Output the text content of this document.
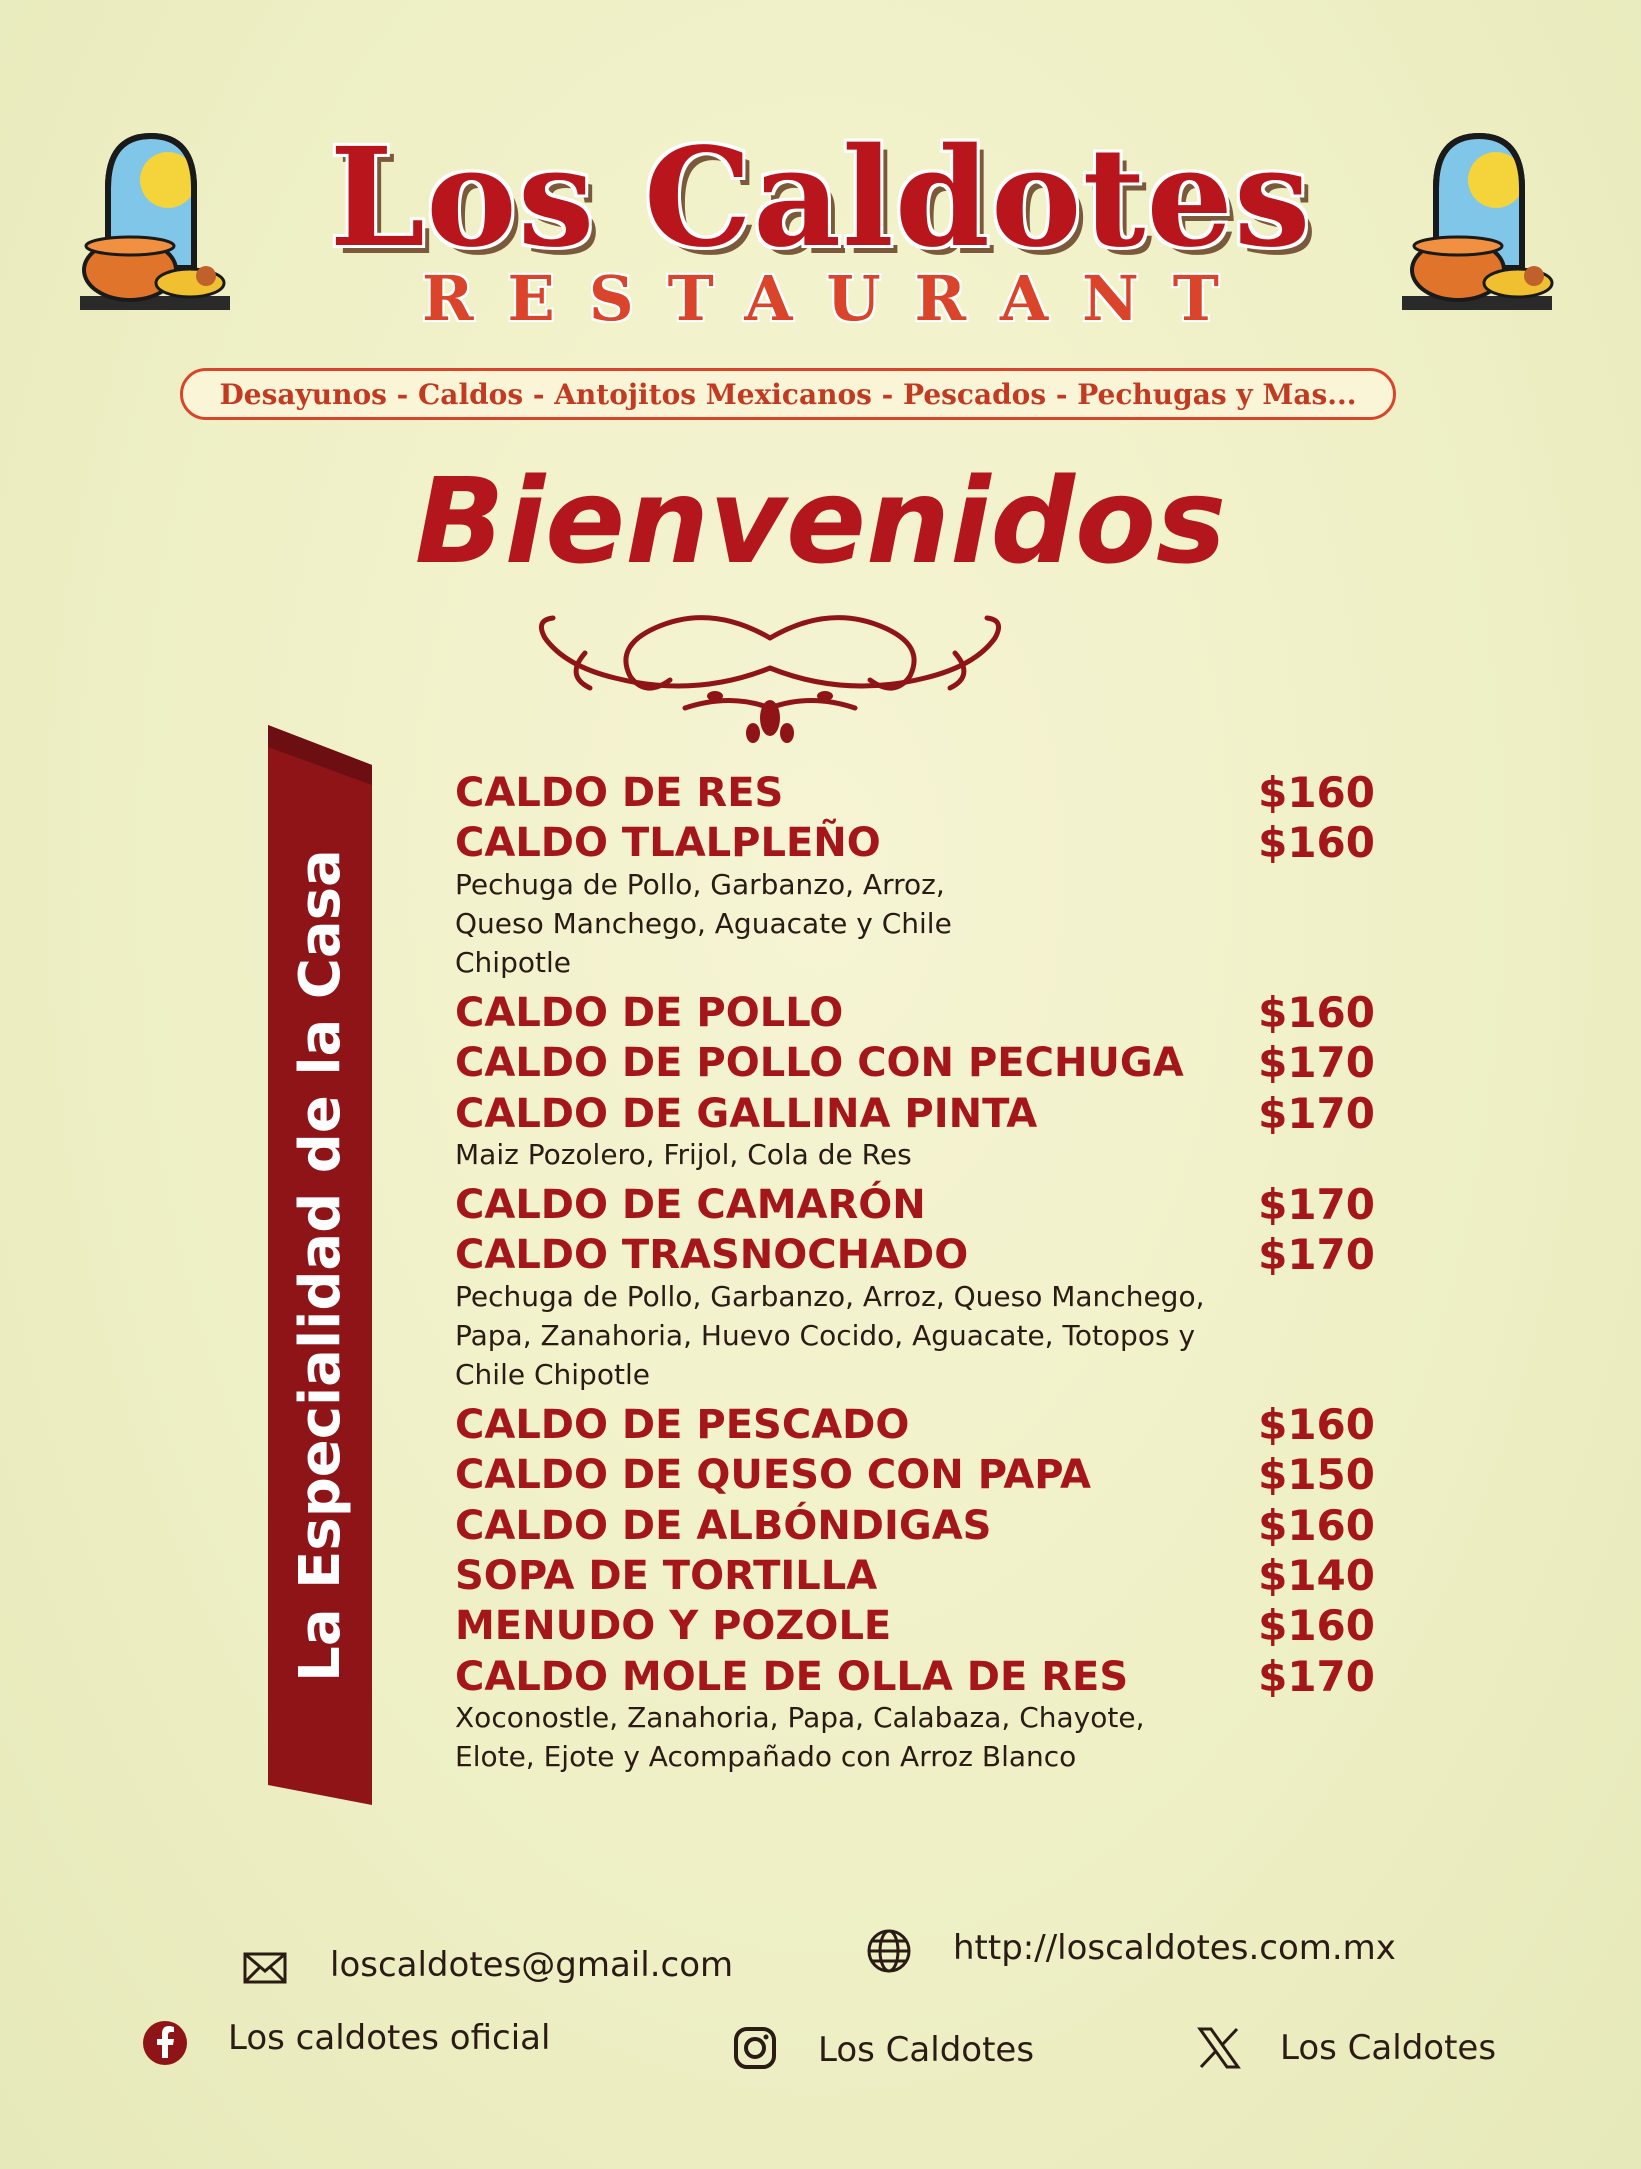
Los Caldotes
RESTAURANT
Desayunos - Caldos - Antojitos Mexicanos - Pescados - Pechugas y Mas...
Bienvenidos
La Especialidad de la Casa
CALDO DE RES	$160
CALDO TLALPLEÑO	$160
Pechuga de Pollo, Garbanzo, Arroz, Queso Manchego, Aguacate y Chile Chipotle
CALDO DE POLLO	$160
CALDO DE POLLO CON PECHUGA $170
CALDO DE GALLINA PINTA	$170
Maiz Pozolero, Frijol, Cola de Res
CALDO DE CAMARÓN	$170
CALDO TRASNOCHADO	$170
Pechuga de Pollo, Garbanzo, Arroz, Queso Manchego, Papa, Zanahoria, Huevo Cocido, Aguacate, Totopos y Chile Chipotle
CALDO DE PESCADO	$160
CALDO DE QUESO CON PAPA	$150
CALDO DE ALBÓNDIGAS	$160
SOPA DE TORTILLA	$140
MENUDO Y POZOLE	$160
CALDO MOLE DE OLLA DE RES	$170
Xoconostle, Zanahoria, Papa, Calabaza, Chayote, Elote, Ejote y Acompañado con Arroz Blanco
loscaldotes@gmail.com	http://loscaldotes.com.mx
Los caldotes oficial	Los Caldotes	Los Caldotes
